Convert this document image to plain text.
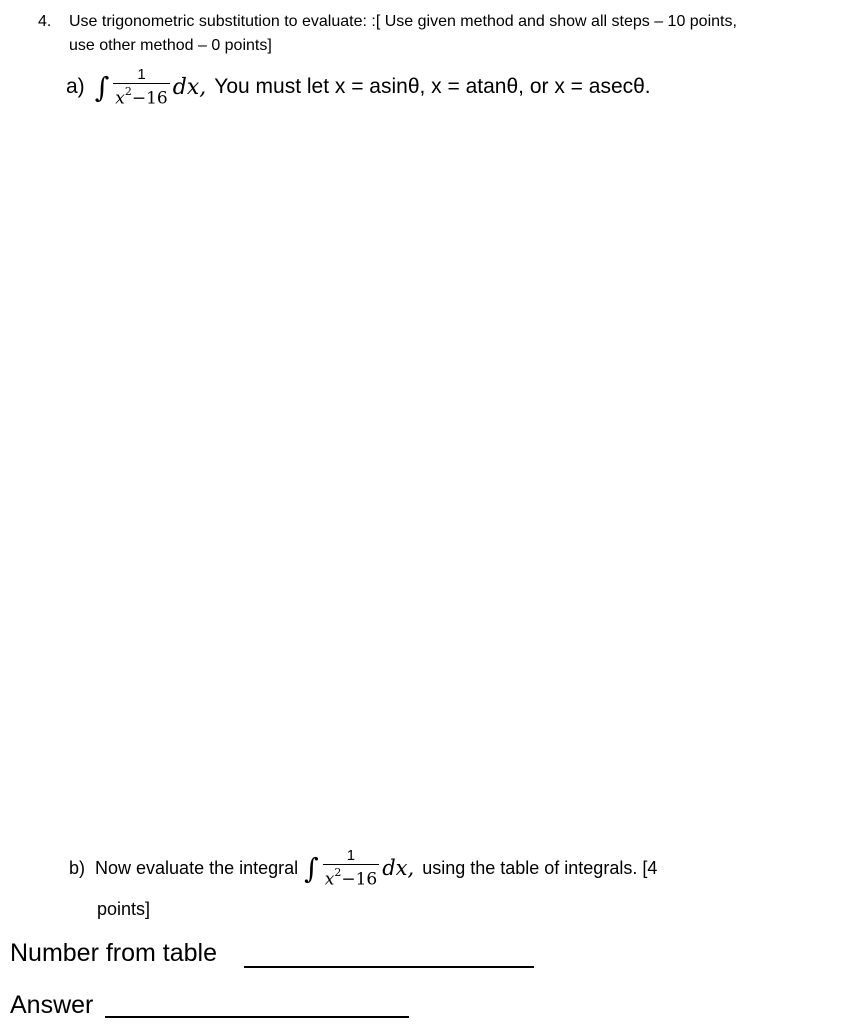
4. Use trigonometric substitution to evaluate: :[ Use given method and show all steps – 10 points,
use other method – 0 points]
a) ∫ $\frac{1}{x^2-16}$ dx, You must let x = asinθ, x = atanθ, or x = asecθ.
b) Now evaluate the integral ∫ $\frac{1}{x^2-16}$ dx, using the table of integrals. [4
points]
Number from table
Answer
